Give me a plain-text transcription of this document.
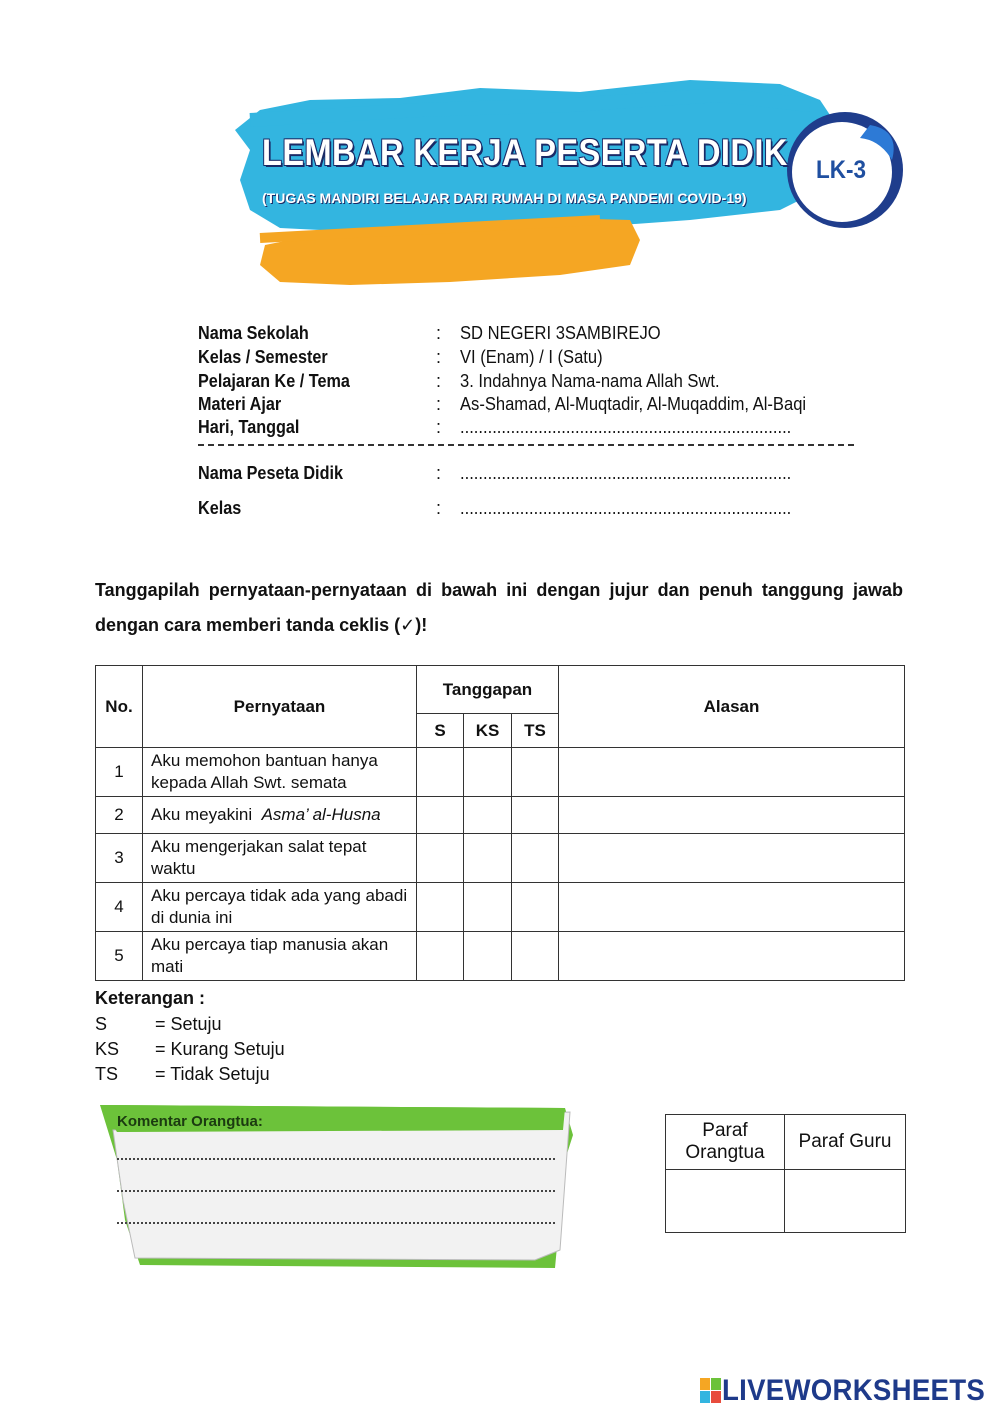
LEMBAR KERJA PESERTA DIDIK
(TUGAS MANDIRI BELAJAR DARI RUMAH DI MASA PANDEMI COVID-19)
LK-3
Nama Sekolah	: SD NEGERI 3SAMBIREJO
Kelas / Semester	: VI (Enam) / I (Satu)
Pelajaran Ke / Tema	: 3. Indahnya Nama-nama Allah Swt.
Materi Ajar	: As-Shamad, Al-Muqtadir, Al-Muqaddim, Al-Baqi
Hari, Tanggal	: ........................................................................
Nama Peseta Didik	: ........................................................................
Kelas	: ........................................................................
Tanggapilah pernyataan-pernyataan di bawah ini dengan jujur dan penuh tanggung jawab dengan cara memberi tanda ceklis (✓)!
No.	Pernyataan	Tanggapan			Alasan
		S	KS	TS	
1	Aku memohon bantuan hanya kepada Allah Swt. semata				
2	Aku meyakini Asma’ al-Husna				
3	Aku mengerjakan salat tepat waktu				
4	Aku percaya tidak ada yang abadi di dunia ini				
5	Aku percaya tiap manusia akan mati				
Keterangan :
S	= Setuju
KS = Kurang Setuju
TS = Tidak Setuju
Komentar Orangtua:	Paraf Orangtua	Paraf Guru

LIVEWORKSHEETS
